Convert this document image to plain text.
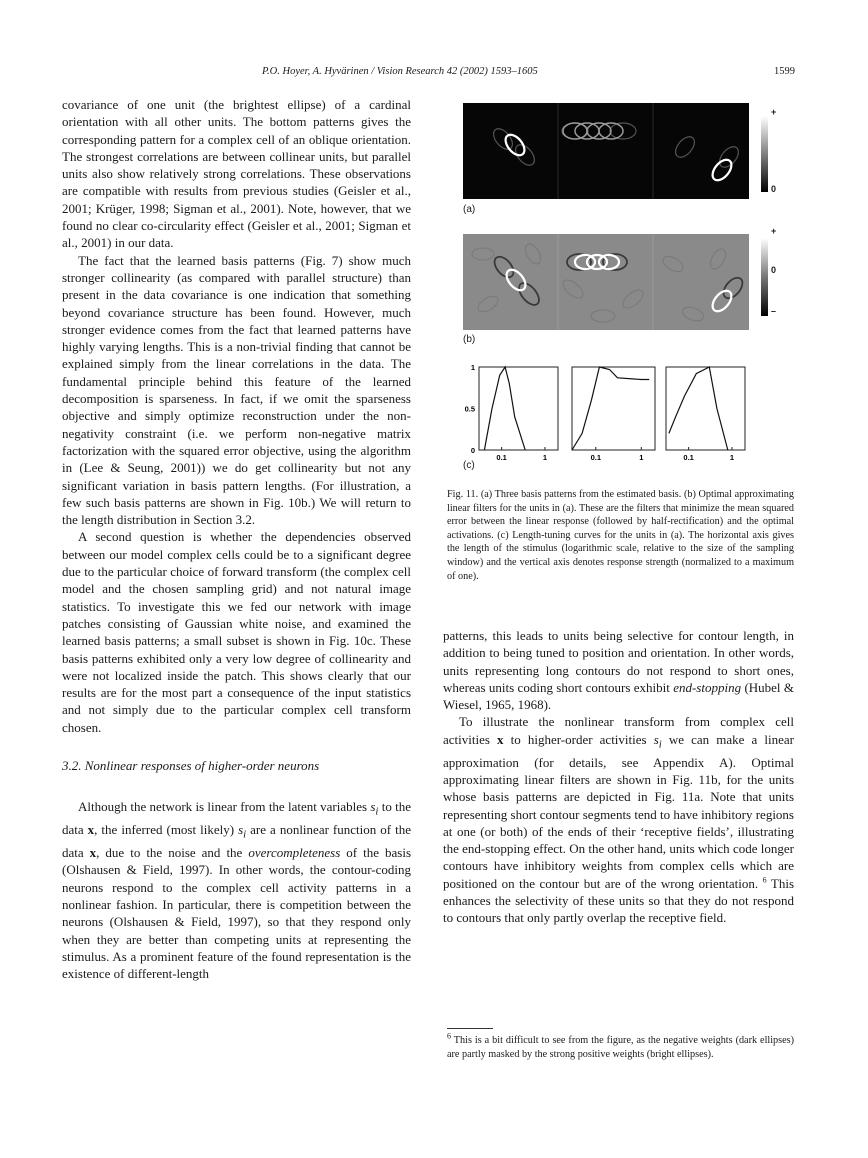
P.O. Hoyer, A. Hyvärinen / Vision Research 42 (2002) 1593–1605	1599

covariance of one unit (the brightest ellipse) of a cardinal orientation with all other units. The bottom patterns gives the corresponding pattern for a complex cell of an oblique orientation. The strongest correlations are between collinear units, but parallel units also show relatively strong correlations. These observations are compatible with results from previous studies (Geisler et al., 2001; Krüger, 1998; Sigman et al., 2001). Note, however, that we found no clear co-circularity effect (Geisler et al., 2001; Sigman et al., 2001) in our data.

The fact that the learned basis patterns (Fig. 7) show much stronger collinearity (as compared with parallel structure) than present in the data covariance is one indication that something beyond covariance structure has been found. However, much stronger evidence comes from the fact that learned patterns have highly varying lengths. This is a non-trivial finding that cannot be explained simply from the linear correlations in the data. The fundamental principle behind this feature of the learned decomposition is sparseness. In fact, if we omit the sparseness objective and simply optimize reconstruction under the non-negativity constraint (i.e. we perform non-negative matrix factorization with the squared error objective, using the algorithm in (Lee & Seung, 2001)) we do get collinearity but not any significant variation in basis pattern lengths. (For illustration, a few such basis patterns are shown in Fig. 10b.) We will return to the length distribution in Section 3.2.

A second question is whether the dependencies observed between our model complex cells could be to a significant degree due to the particular choice of forward transform (the complex cell model and the chosen sampling grid) and not natural image statistics. To investigate this we fed our network with image patches consisting of Gaussian white noise, and examined the learned basis patterns; a small subset is shown in Fig. 10c. These basis patterns exhibited only a very low degree of collinearity and were not localized inside the patch. This shows clearly that our results are for the most part a consequence of the input statistics and not simply due to the particular complex cell transform chosen.

3.2. Nonlinear responses of higher-order neurons

Although the network is linear from the latent variables $s_i$ to the data x, the inferred (most likely) $s_i$ are a nonlinear function of the data x, due to the noise and the overcompleteness of the basis (Olshausen & Field, 1997). In other words, the contour-coding neurons respond to the complex cell activity patterns in a nonlinear fashion. In particular, there is competition between the neurons (Olshausen & Field, 1997), so that they respond only when they are better than competing units at representing the stimulus. As a prominent feature of the found representation is the existence of different-length

(a)
+
0
(b)
+
0
–
0.1	1
0
0.5
1
0.1	1	0.1	1
(c)
Fig. 11. (a) Three basis patterns from the estimated basis. (b) Optimal approximating linear filters for the units in (a). These are the filters that minimize the mean squared error between the linear response (followed by half-rectification) and the optimal activations. (c) Length-tuning curves for the units in (a). The horizontal axis gives the length of the stimulus (logarithmic scale, relative to the size of the sampling window) and the vertical axis denotes response strength (normalized to a maximum of one).

patterns, this leads to units being selective for contour length, in addition to being tuned to position and orientation. In other words, units representing long contours do not respond to short ones, whereas units coding short contours exhibit end-stopping (Hubel & Wiesel, 1965, 1968).

To illustrate the nonlinear transform from complex cell activities x to higher-order activities $s_i$ we can make a linear approximation (for details, see Appendix A). Optimal approximating linear filters are shown in Fig. 11b, for the units whose basis patterns are depicted in Fig. 11a. Note that units representing short contour segments tend to have inhibitory regions at one (or both) of the ends of their ‘receptive fields’, illustrating the end-stopping effect. On the other hand, units which code longer contours have inhibitory weights from complex cells which are positioned on the contour but are of the wrong orientation. $^6$ This enhances the selectivity of these units so that they do not respond to contours that only partly overlap the receptive field.

$^6$ This is a bit difficult to see from the figure, as the negative weights (dark ellipses) are partly masked by the strong positive weights (bright ellipses).
